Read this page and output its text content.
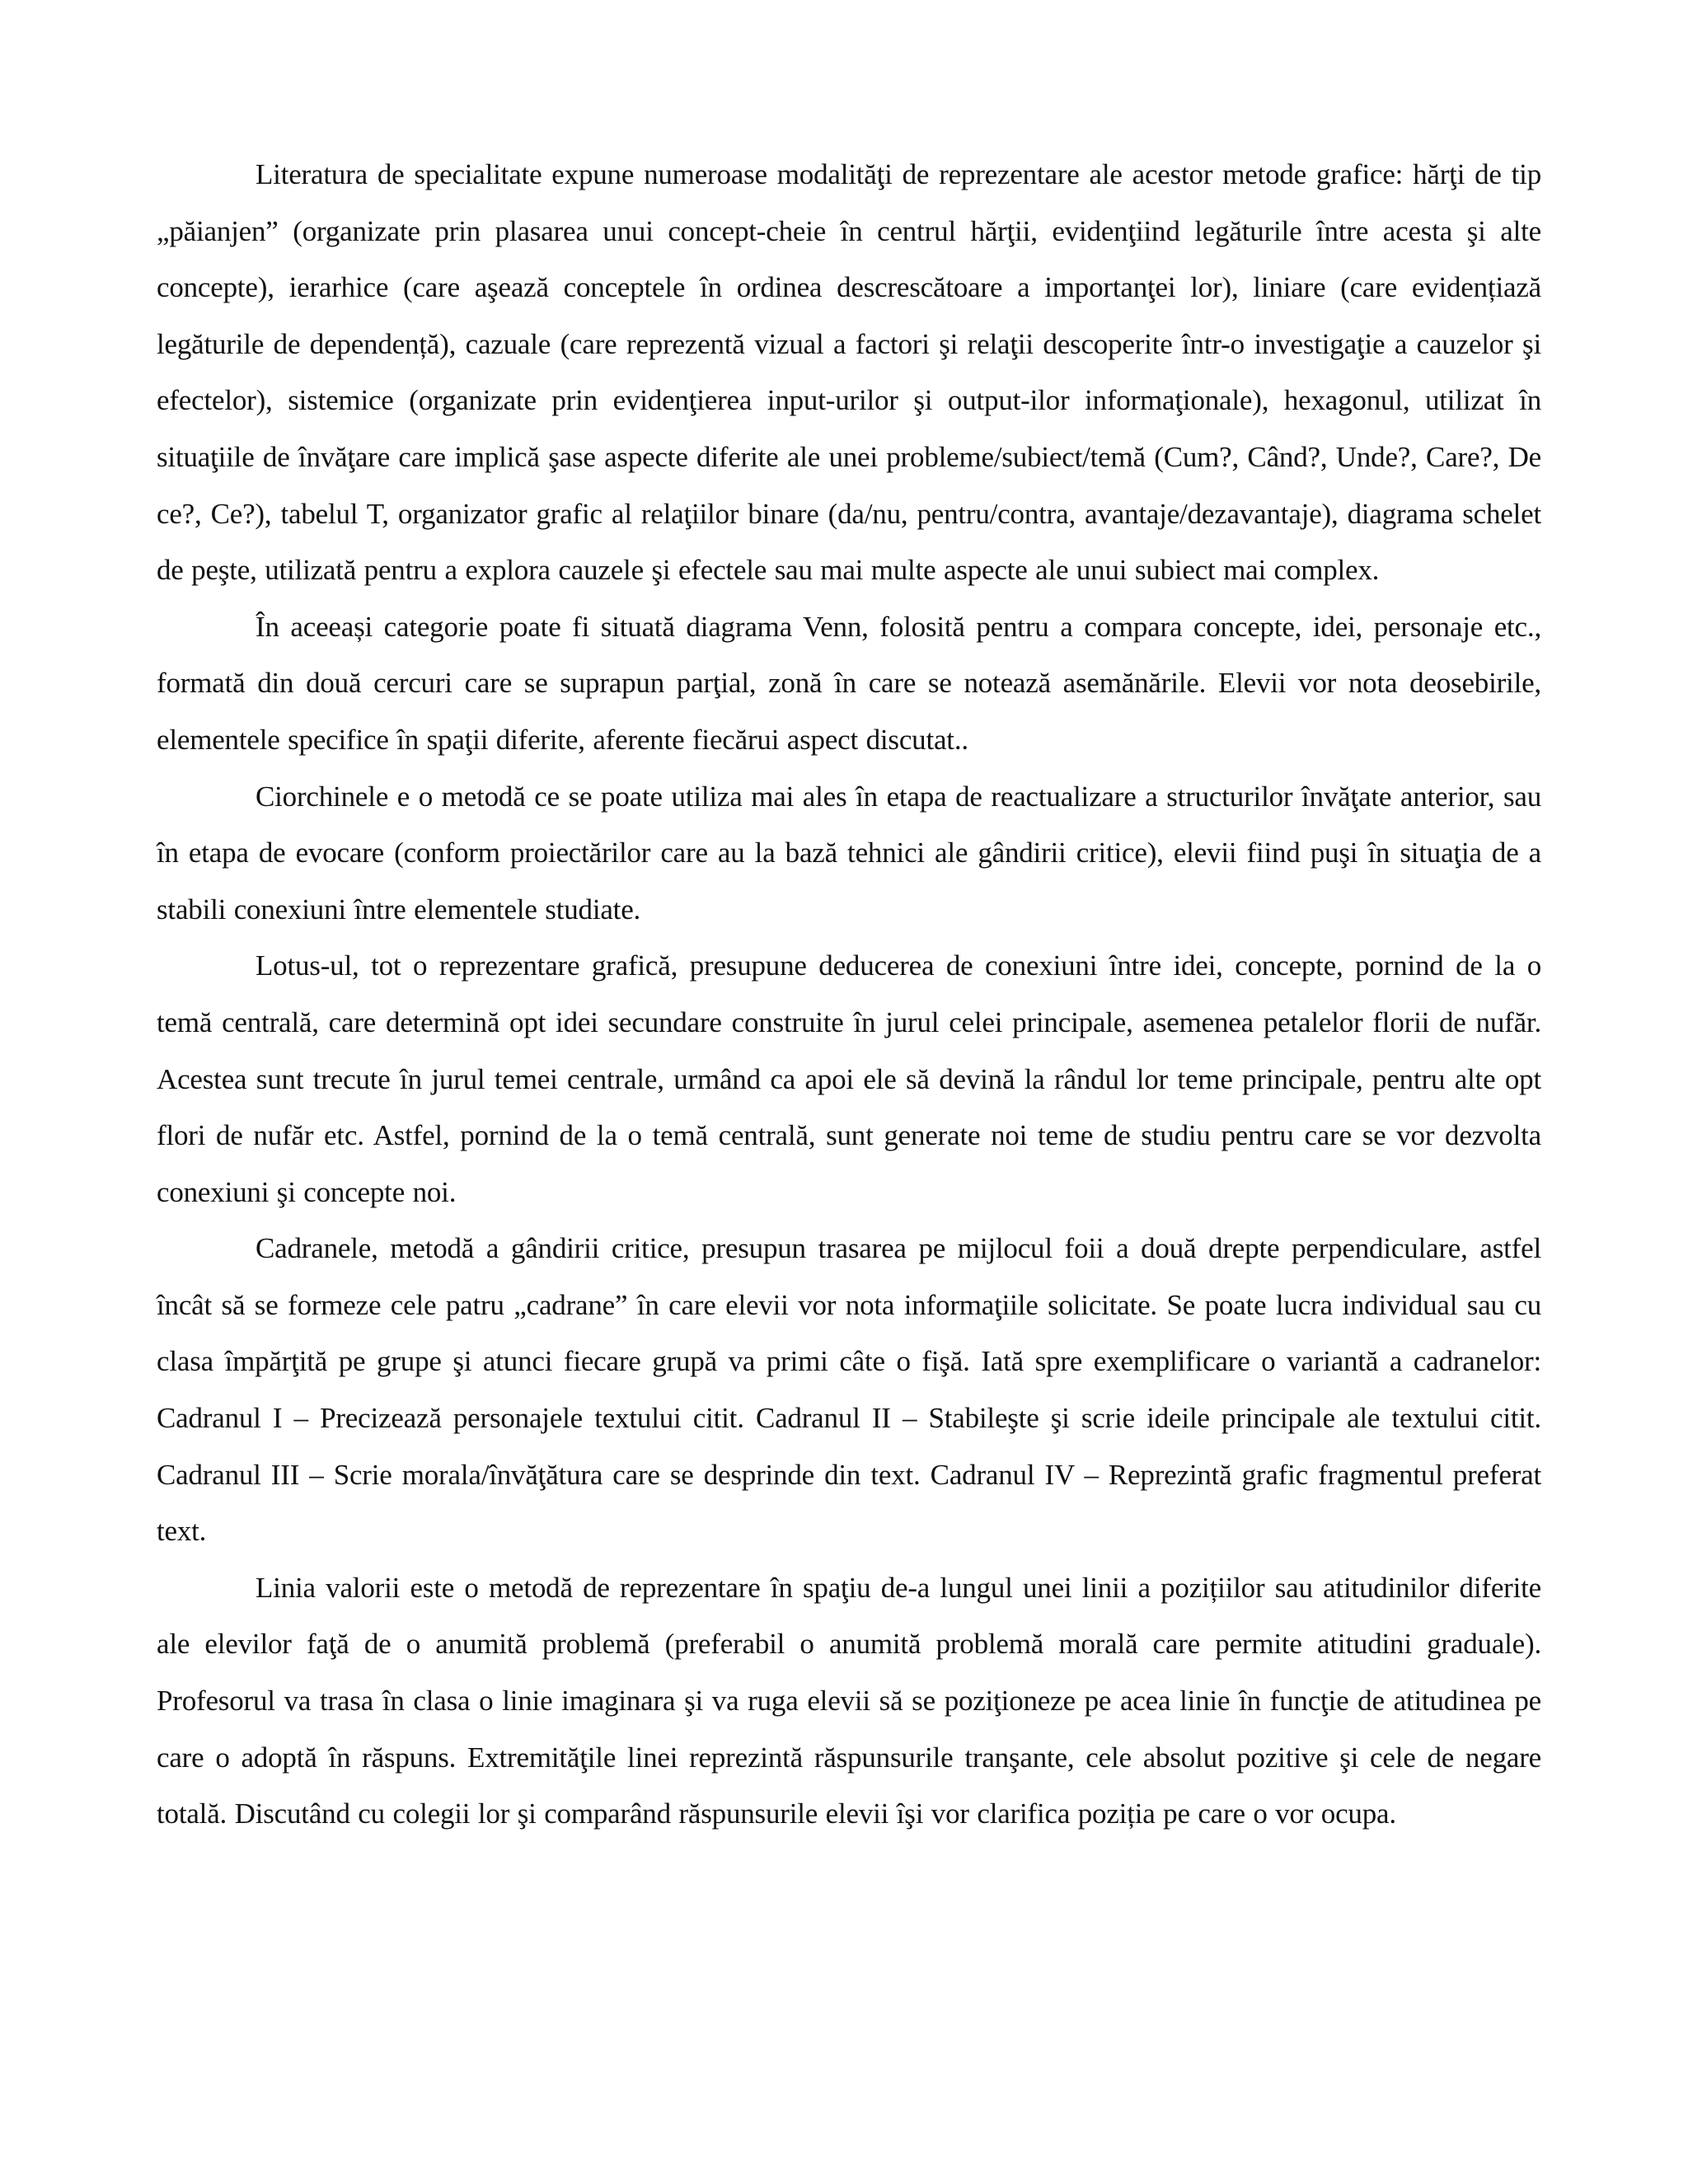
Literatura de specialitate expune numeroase modalităţi de reprezentare ale acestor metode grafice: hărţi de tip „păianjen” (organizate prin plasarea unui concept-cheie în centrul hărţii, evidenţiind legăturile între acesta şi alte concepte), ierarhice (care aşează conceptele în ordinea descrescătoare a importanţei lor), liniare (care evidențiază legăturile de dependență), cazuale (care reprezentă vizual a factori şi relaţii descoperite într-o investigaţie a cauzelor şi efectelor), sistemice (organizate prin evidenţierea input-urilor şi output-ilor informaţionale), hexagonul, utilizat în situaţiile de învăţare care implică şase aspecte diferite ale unei probleme/subiect/temă (Cum?, Când?, Unde?, Care?, De ce?, Ce?), tabelul T, organizator grafic al relaţiilor binare (da/nu, pentru/contra, avantaje/dezavantaje), diagrama schelet de peşte, utilizată pentru a explora cauzele şi efectele sau mai multe aspecte ale unui subiect mai complex.

În aceeași categorie poate fi situată diagrama Venn, folosită pentru a compara concepte, idei, personaje etc., formată din două cercuri care se suprapun parţial, zonă în care se notează asemănările. Elevii vor nota deosebirile, elementele specifice în spaţii diferite, aferente fiecărui aspect discutat..

Ciorchinele e o metodă ce se poate utiliza mai ales în etapa de reactualizare a structurilor învăţate anterior, sau în etapa de evocare (conform proiectărilor care au la bază tehnici ale gândirii critice), elevii fiind puşi în situaţia de a stabili conexiuni între elementele studiate.

Lotus-ul, tot o reprezentare grafică, presupune deducerea de conexiuni între idei, concepte, pornind de la o temă centrală, care determină opt idei secundare construite în jurul celei principale, asemenea petalelor florii de nufăr. Acestea sunt trecute în jurul temei centrale, urmând ca apoi ele să devină la rândul lor teme principale, pentru alte opt flori de nufăr etc. Astfel, pornind de la o temă centrală, sunt generate noi teme de studiu pentru care se vor dezvolta conexiuni şi concepte noi.

Cadranele, metodă a gândirii critice, presupun trasarea pe mijlocul foii a două drepte perpendiculare, astfel încât să se formeze cele patru „cadrane” în care elevii vor nota informaţiile solicitate. Se poate lucra individual sau cu clasa împărţită pe grupe şi atunci fiecare grupă va primi câte o fişă. Iată spre exemplificare o variantă a cadranelor: Cadranul I – Precizează personajele textului citit. Cadranul II – Stabileşte şi scrie ideile principale ale textului citit. Cadranul III – Scrie morala/învăţătura care se desprinde din text. Cadranul IV – Reprezintă grafic fragmentul preferat text.

Linia valorii este o metodă de reprezentare în spaţiu de-a lungul unei linii a pozițiilor sau atitudinilor diferite ale elevilor faţă de o anumită problemă (preferabil o anumită problemă morală care permite atitudini graduale). Profesorul va trasa în clasa o linie imaginara şi va ruga elevii să se poziţioneze pe acea linie în funcţie de atitudinea pe care o adoptă în răspuns. Extremităţile linei reprezintă răspunsurile tranşante, cele absolut pozitive şi cele de negare totală. Discutând cu colegii lor şi comparând răspunsurile elevii îşi vor clarifica poziția pe care o vor ocupa.
